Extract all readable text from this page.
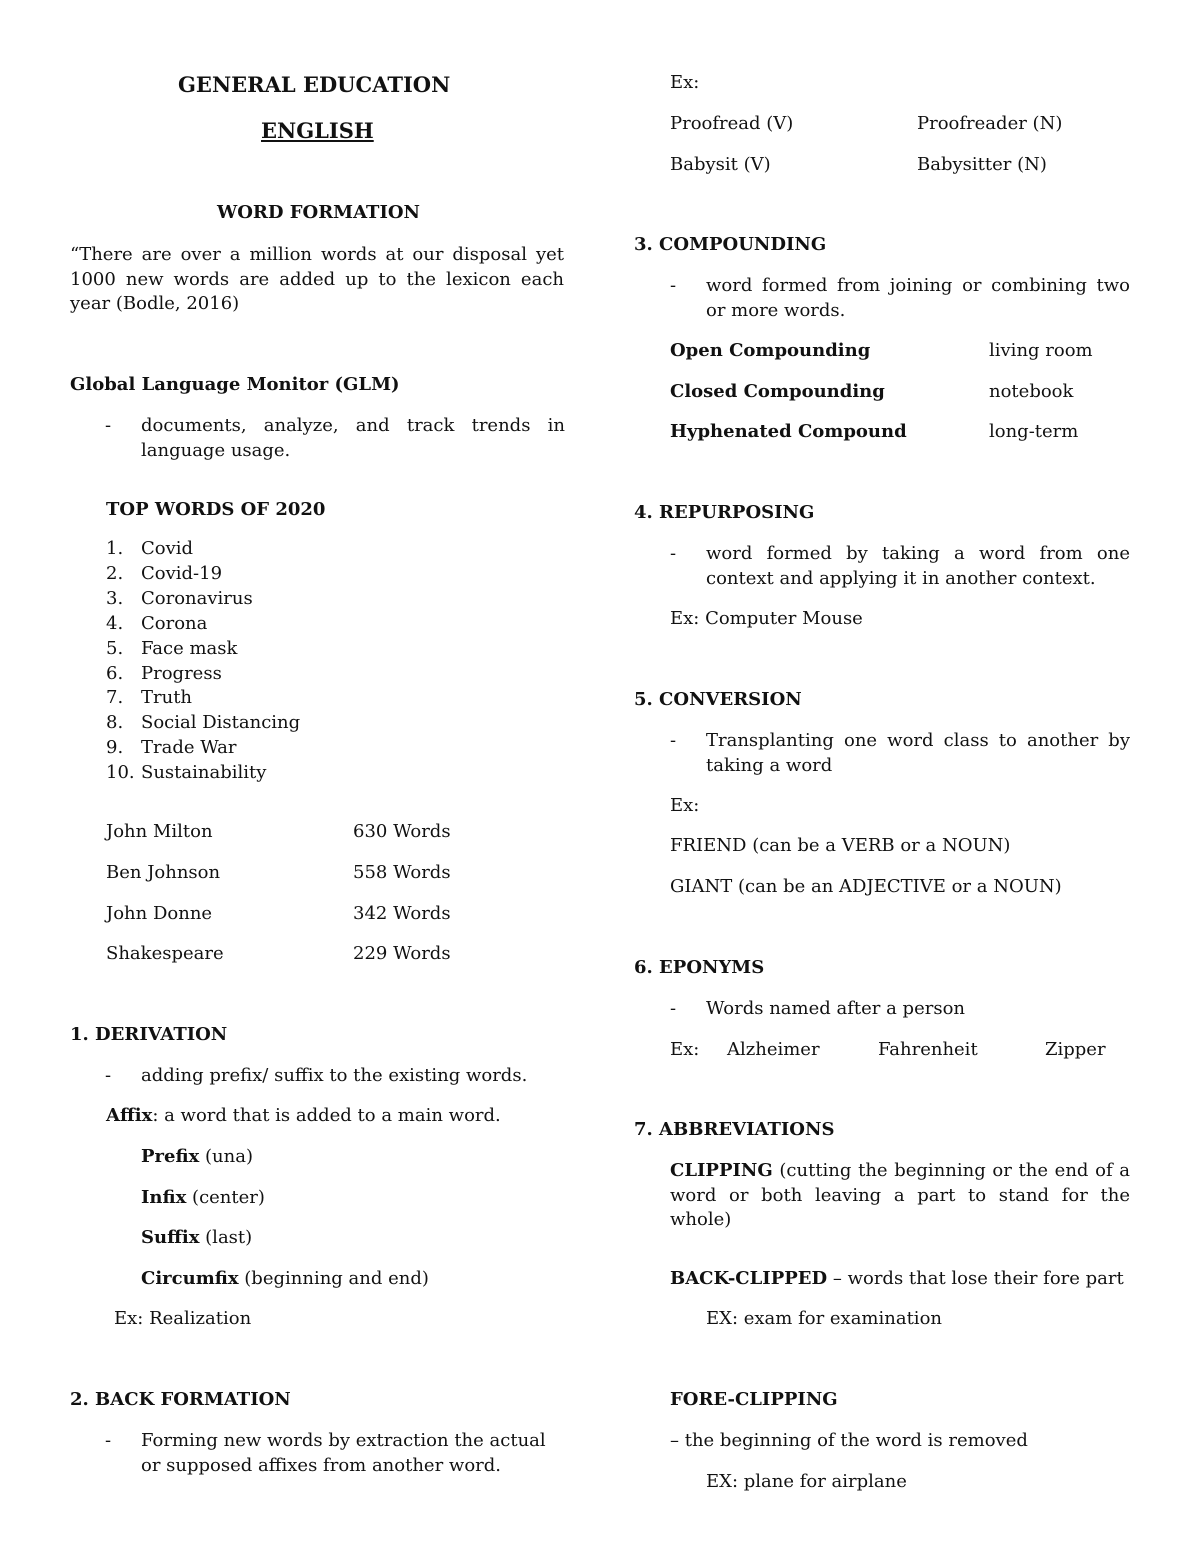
GENERAL EDUCATION
ENGLISH
WORD FORMATION
“There are over a million words at our disposal yet 1000 new words are added up to the lexicon each year (Bodle, 2016)
Global Language Monitor (GLM)
- documents, analyze, and track trends in language usage.
TOP WORDS OF 2020
1. Covid
2. Covid-19
3. Coronavirus
4. Corona
5. Face mask
6. Progress
7. Truth
8. Social Distancing
9. Trade War
10. Sustainability
John Milton	630 Words
Ben Johnson	558 Words
John Donne	342 Words
Shakespeare	229 Words
1. DERIVATION
- adding prefix/ suffix to the existing words.
Affix: a word that is added to a main word.
Prefix (una)
Infix (center)
Suffix (last)
Circumfix (beginning and end)
Ex: Realization
2. BACK FORMATION
- Forming new words by extraction the actual or supposed affixes from another word.
Ex:
Proofread (V)	Proofreader (N)
Babysit (V)	Babysitter (N)
3. COMPOUNDING
- word formed from joining or combining two or more words.
Open Compounding	living room
Closed Compounding	notebook
Hyphenated Compound	long-term
4. REPURPOSING
- word formed by taking a word from one context and applying it in another context.
Ex: Computer Mouse
5. CONVERSION
- Transplanting one word class to another by taking a word
Ex:
FRIEND (can be a VERB or a NOUN)
GIANT (can be an ADJECTIVE or a NOUN)
6. EPONYMS
- Words named after a person
Ex: Alzheimer	Fahrenheit	Zipper
7. ABBREVIATIONS
CLIPPING (cutting the beginning or the end of a word or both leaving a part to stand for the whole)
BACK-CLIPPED – words that lose their fore part
EX: exam for examination
FORE-CLIPPING
– the beginning of the word is removed
EX: plane for airplane
